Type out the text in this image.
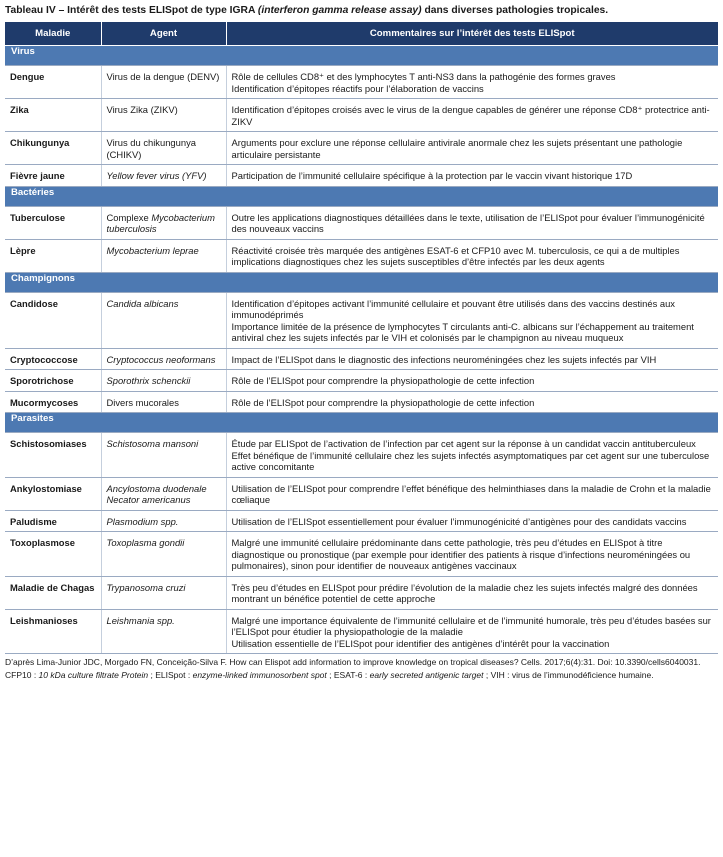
Tableau IV – Intérêt des tests ELISpot de type IGRA (interferon gamma release assay) dans diverses pathologies tropicales.
Maladie	Agent	Commentaires sur l’intérêt des tests ELISpot
Virus		
Dengue	Virus de la dengue (DENV)	Rôle de cellules CD8⁺ et des lymphocytes T anti-NS3 dans la pathogénie des formes graves
Identification d’épitopes réactifs pour l’élaboration de vaccins

Zika	Virus Zika (ZIKV)	Identification d’épitopes croisés avec le virus de la dengue capables de générer une réponse CD8⁺ protectrice anti-ZIKV

Chikungunya	Virus du chikungunya (CHIKV)	Arguments pour exclure une réponse cellulaire antivirale anormale chez les sujets présentant une pathologie articulaire persistante

Fièvre jaune	Yellow fever virus (YFV)	Participation de l’immunité cellulaire spécifique à la protection par le vaccin vivant historique 17D

Bactéries		
Tuberculose	Complexe Mycobacterium tuberculosis	Outre les applications diagnostiques détaillées dans le texte, utilisation de l’ELISpot pour évaluer l’immunogénicité des nouveaux vaccins

Lèpre	Mycobacterium leprae	Réactivité croisée très marquée des antigènes ESAT-6 et CFP10 avec M. tuberculosis, ce qui a de multiples implications diagnostiques chez les sujets susceptibles d’être infectés par les deux agents

Champignons		
Candidose	Candida albicans	Identification d’épitopes activant l’immunité cellulaire et pouvant être utilisés dans des vaccins destinés aux immunodéprimés
Importance limitée de la présence de lymphocytes T circulants anti-C. albicans sur l’échappement au traitement antiviral chez les sujets infectés par le VIH et colonisés par le champignon au niveau muqueux

Cryptococcose	Cryptococcus neoformans	Impact de l’ELISpot dans le diagnostic des infections neuroméningées chez les sujets infectés par VIH

Sporotrichose	Sporothrix schenckii	Rôle de l’ELISpot pour comprendre la physiopathologie de cette infection

Mucormycoses	Divers mucorales	Rôle de l’ELISpot pour comprendre la physiopathologie de cette infection

Parasites		
Schistosomiases	Schistosoma mansoni	Étude par ELISpot de l’activation de l’infection par cet agent sur la réponse à un candidat vaccin antituberculeux
Effet bénéfique de l’immunité cellulaire chez les sujets infectés asymptomatiques par cet agent sur une tuberculose active concomitante

Ankylostomiase	Ancylostoma duodenale Necator americanus	Utilisation de l’ELISpot pour comprendre l’effet bénéfique des helminthiases dans la maladie de Crohn et la maladie cœliaque

Paludisme	Plasmodium spp.	Utilisation de l’ELISpot essentiellement pour évaluer l’immunogénicité d’antigènes pour des candidats vaccins

Toxoplasmose	Toxoplasma gondii	Malgré une immunité cellulaire prédominante dans cette pathologie, très peu d’études en ELISpot à titre diagnostique ou pronostique (par exemple pour identifier des patients à risque d’infections neuroméningées ou pulmonaires), sinon pour identifier de nouveaux antigènes vaccinaux

Maladie de Chagas	Trypanosoma cruzi	Très peu d’études en ELISpot pour prédire l’évolution de la maladie chez les sujets infectés malgré des données montrant un bénéfice potentiel de cette approche

Leishmanioses	Leishmania spp.	Malgré une importance équivalente de l’immunité cellulaire et de l’immunité humorale, très peu d’études basées sur l’ELISpot pour étudier la physiopathologie de la maladie
Utilisation essentielle de l’ELISpot pour identifier des antigènes d’intérêt pour la vaccination

D’après Lima-Junior JDC, Morgado FN, Conceição-Silva F. How can Elispot add information to improve knowledge on tropical diseases? Cells. 2017;6(4):31. Doi: 10.3390/cells6040031.

CFP10 : 10 kDa culture filtrate Protein ; ELISpot : enzyme-linked immunosorbent spot ; ESAT-6 : early secreted antigenic target ; VIH : virus de l’immunodéficience humaine.
